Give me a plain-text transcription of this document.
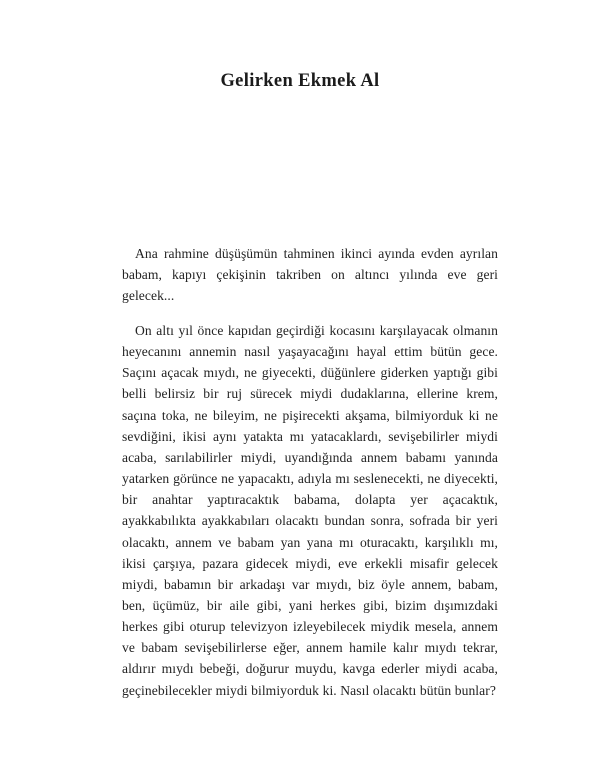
Gelirken Ekmek Al

Ana rahmine düşüşümün tahminen ikinci ayında evden ayrılan babam, kapıyı çekişinin takriben on altıncı yılında eve geri gelecek...

On altı yıl önce kapıdan geçirdiği kocasını karşılayacak olmanın heyecanını annemin nasıl yaşayacağını hayal ettim bütün gece. Saçını açacak mıydı, ne giyecekti, düğünlere giderken yaptığı gibi belli belirsiz bir ruj sürecek miydi dudaklarına, ellerine krem, saçına toka, ne bileyim, ne pişirecekti akşama, bilmiyorduk ki ne sevdiğini, ikisi aynı yatakta mı yatacaklardı, sevişebilirler miydi acaba, sarılabilirler miydi, uyandığında annem babamı yanında yatarken görünce ne yapacaktı, adıyla mı seslenecekti, ne diyecekti, bir anahtar yaptıracaktık babama, dolapta yer açacaktık, ayakkabılıkta ayakkabıları olacaktı bundan sonra, sofrada bir yeri olacaktı, annem ve babam yan yana mı oturacaktı, karşılıklı mı, ikisi çarşıya, pazara gidecek miydi, eve erkekli misafir gelecek miydi, babamın bir arkadaşı var mıydı, biz öyle annem, babam, ben, üçümüz, bir aile gibi, yani herkes gibi, bizim dışımızdaki herkes gibi oturup televizyon izleyebilecek miydik mesela, annem ve babam sevişebilirlerse eğer, annem hamile kalır mıydı tekrar, aldırır mıydı bebeği, doğurur muydu, kavga ederler miydi acaba, geçinebilecekler miydi bilmiyorduk ki. Nasıl olacaktı bütün bunlar?
